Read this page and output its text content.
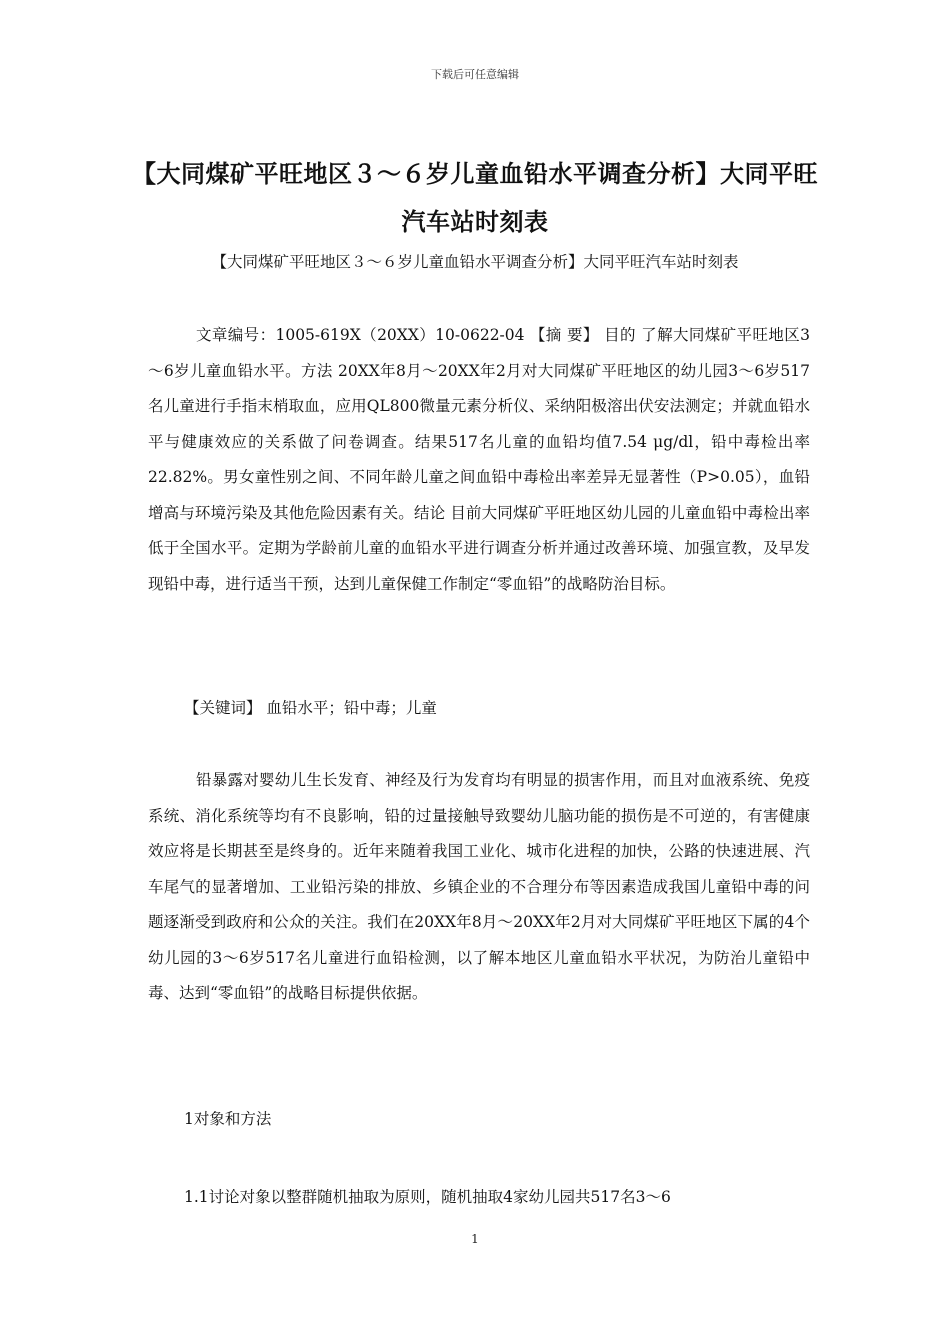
下载后可任意编辑
【大同煤矿平旺地区３～６岁儿童血铅水平调查分析】大同平旺汽车站时刻表
【大同煤矿平旺地区３～６岁儿童血铅水平调查分析】大同平旺汽车站时刻表
文章编号：1005-619X（20XX）10-0622-04 【摘 要】 目的 了解大同煤矿平旺地区3～6岁儿童血铅水平。方法 20XX年8月～20XX年2月对大同煤矿平旺地区的幼儿园3～6岁517名儿童进行手指末梢取血，应用QL800微量元素分析仪、采纳阳极溶出伏安法测定；并就血铅水平与健康效应的关系做了问卷调查。结果517名儿童的血铅均值7.54 μg/dl，铅中毒检出率22.82%。男女童性别之间、不同年龄儿童之间血铅中毒检出率差异无显著性（P>0.05），血铅增高与环境污染及其他危险因素有关。结论 目前大同煤矿平旺地区幼儿园的儿童血铅中毒检出率低于全国水平。定期为学龄前儿童的血铅水平进行调查分析并通过改善环境、加强宣教，及早发现铅中毒，进行适当干预，达到儿童保健工作制定“零血铅”的战略防治目标。
【关键词】 血铅水平；铅中毒；儿童
铅暴露对婴幼儿生长发育、神经及行为发育均有明显的损害作用，而且对血液系统、免疫系统、消化系统等均有不良影响，铅的过量接触导致婴幼儿脑功能的损伤是不可逆的，有害健康效应将是长期甚至是终身的。近年来随着我国工业化、城市化进程的加快，公路的快速进展、汽车尾气的显著增加、工业铅污染的排放、乡镇企业的不合理分布等因素造成我国儿童铅中毒的问题逐渐受到政府和公众的关注。我们在20XX年8月～20XX年2月对大同煤矿平旺地区下属的4个幼儿园的3～6岁517名儿童进行血铅检测，以了解本地区儿童血铅水平状况，为防治儿童铅中毒、达到“零血铅”的战略目标提供依据。
1对象和方法
1.1讨论对象以整群随机抽取为原则，随机抽取4家幼儿园共517名3～6
1
